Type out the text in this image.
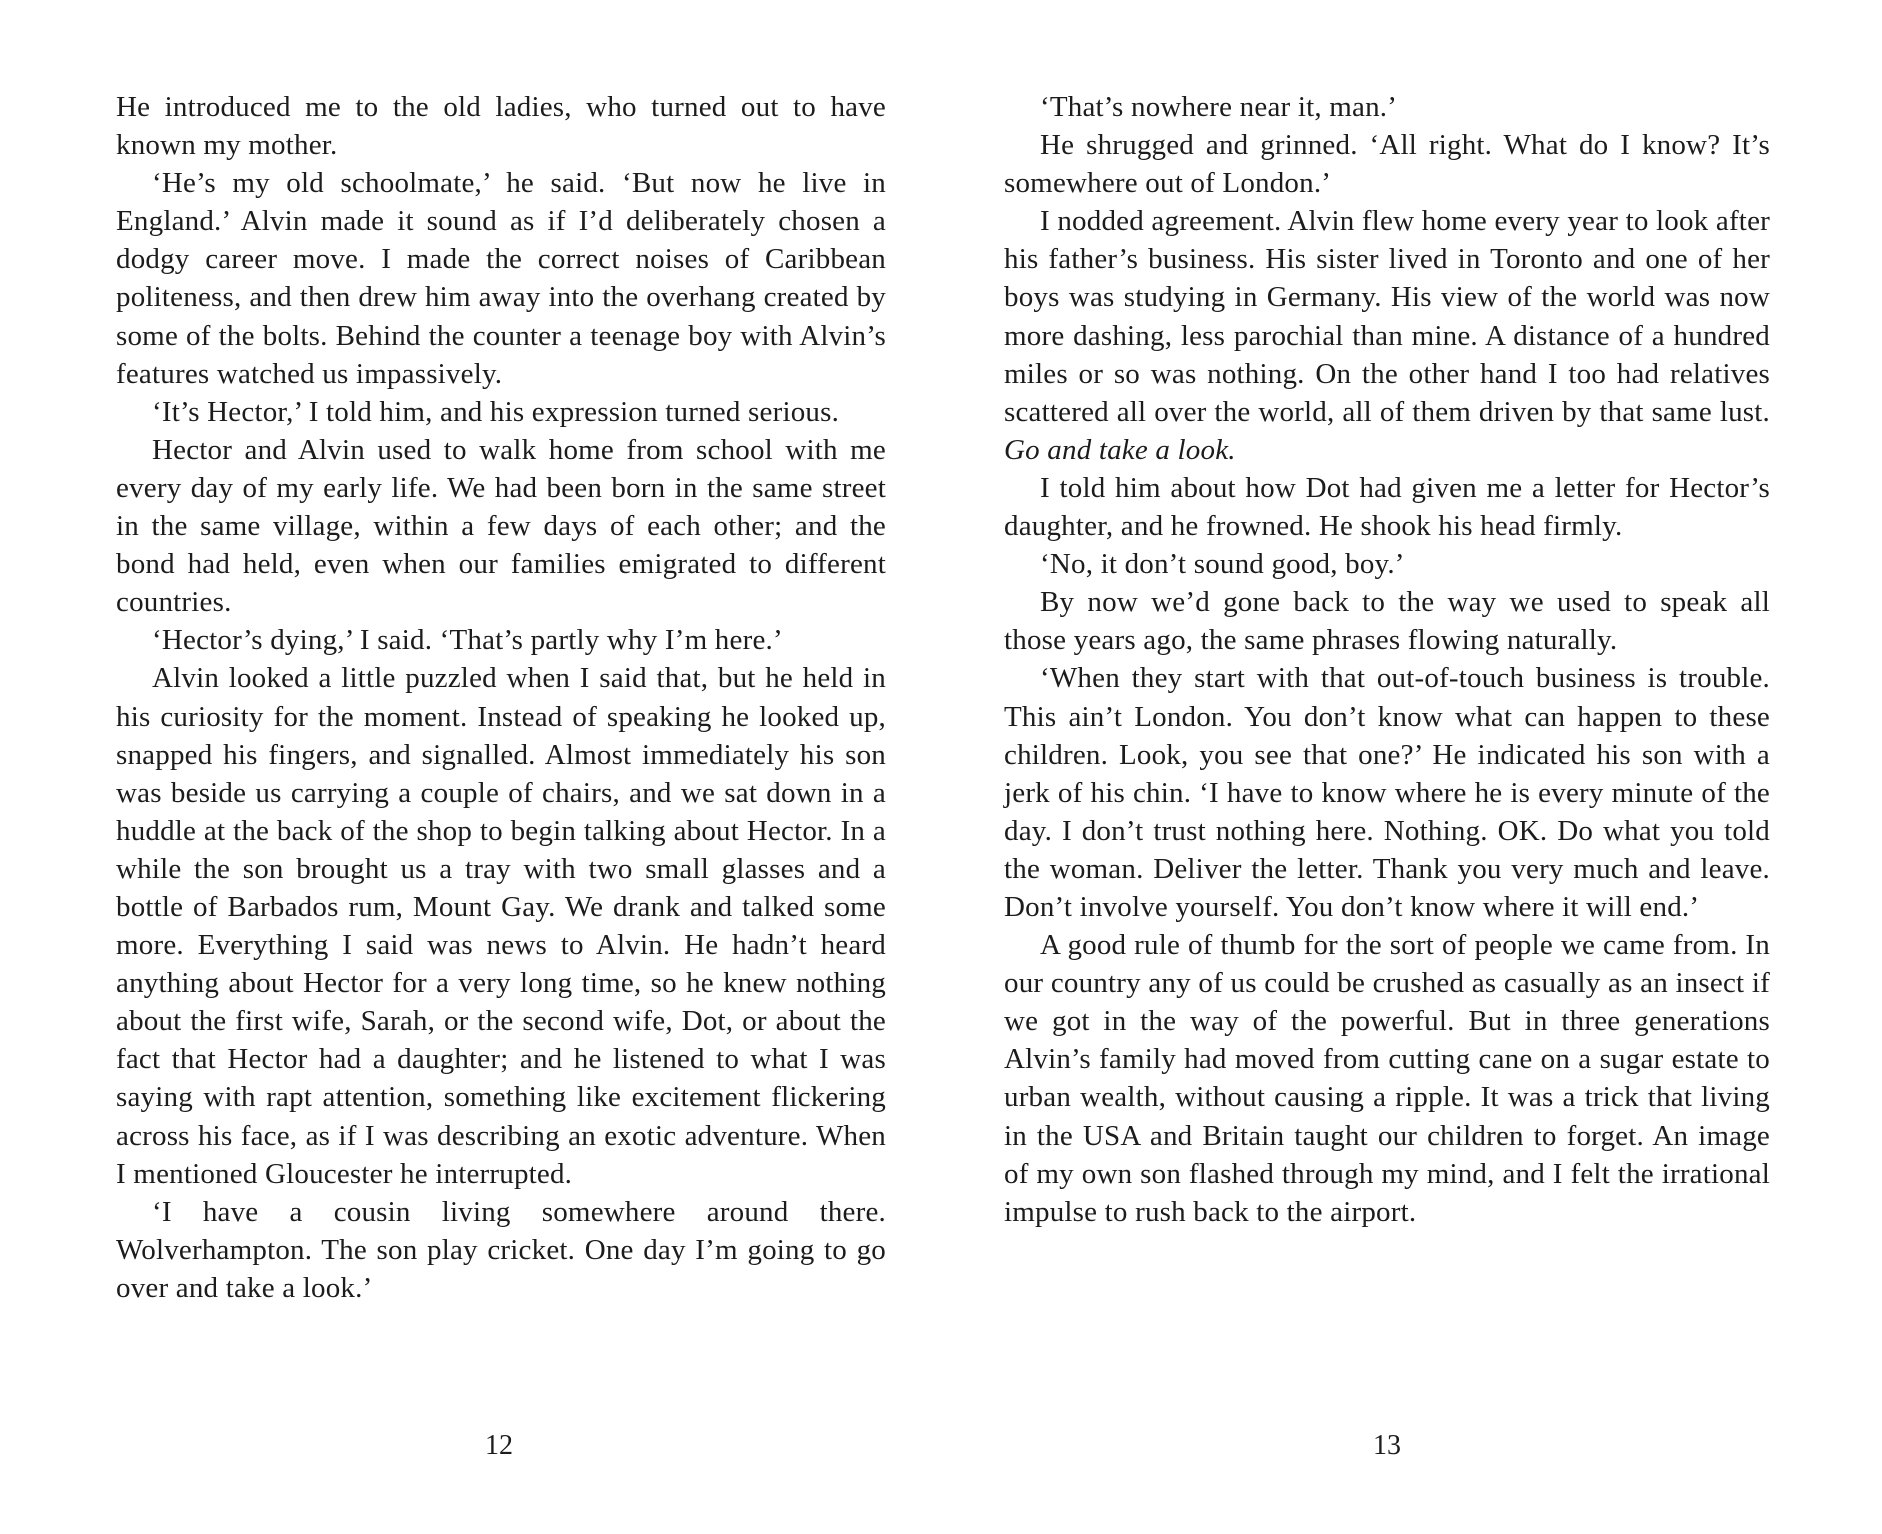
He introduced me to the old ladies, who turned out to have known my mother.

‘He’s my old schoolmate,’ he said. ‘But now he live in England.’ Alvin made it sound as if I’d deliberately chosen a dodgy career move. I made the correct noises of Caribbean politeness, and then drew him away into the overhang created by some of the bolts. Behind the counter a teenage boy with Alvin’s features watched us impassively.

‘It’s Hector,’ I told him, and his expression turned serious.

Hector and Alvin used to walk home from school with me every day of my early life. We had been born in the same street in the same village, within a few days of each other; and the bond had held, even when our families emigrated to different countries.

‘Hector’s dying,’ I said. ‘That’s partly why I’m here.’

Alvin looked a little puzzled when I said that, but he held in his curiosity for the moment. Instead of speaking he looked up, snapped his fingers, and signalled. Almost immediately his son was beside us carrying a couple of chairs, and we sat down in a huddle at the back of the shop to begin talking about Hector. In a while the son brought us a tray with two small glasses and a bottle of Barbados rum, Mount Gay. We drank and talked some more. Everything I said was news to Alvin. He hadn’t heard anything about Hector for a very long time, so he knew nothing about the first wife, Sarah, or the second wife, Dot, or about the fact that Hector had a daughter; and he listened to what I was saying with rapt attention, something like excitement flickering across his face, as if I was describing an exotic adventure. When I mentioned Gloucester he interrupted.

‘I have a cousin living somewhere around there. Wolverhampton. The son play cricket. One day I’m going to go over and take a look.’

12

‘That’s nowhere near it, man.’

He shrugged and grinned. ‘All right. What do I know? It’s somewhere out of London.’

I nodded agreement. Alvin flew home every year to look after his father’s business. His sister lived in Toronto and one of her boys was studying in Germany. His view of the world was now more dashing, less parochial than mine. A distance of a hundred miles or so was nothing. On the other hand I too had relatives scattered all over the world, all of them driven by that same lust. Go and take a look.

I told him about how Dot had given me a letter for Hector’s daughter, and he frowned. He shook his head firmly.

‘No, it don’t sound good, boy.’

By now we’d gone back to the way we used to speak all those years ago, the same phrases flowing naturally.

‘When they start with that out-of-touch business is trouble. This ain’t London. You don’t know what can happen to these children. Look, you see that one?’ He indicated his son with a jerk of his chin. ‘I have to know where he is every minute of the day. I don’t trust nothing here. Nothing. OK. Do what you told the woman. Deliver the letter. Thank you very much and leave. Don’t involve yourself. You don’t know where it will end.’

A good rule of thumb for the sort of people we came from. In our country any of us could be crushed as casually as an insect if we got in the way of the powerful. But in three generations Alvin’s family had moved from cutting cane on a sugar estate to urban wealth, without causing a ripple. It was a trick that living in the USA and Britain taught our children to forget. An image of my own son flashed through my mind, and I felt the irrational impulse to rush back to the airport.

13
